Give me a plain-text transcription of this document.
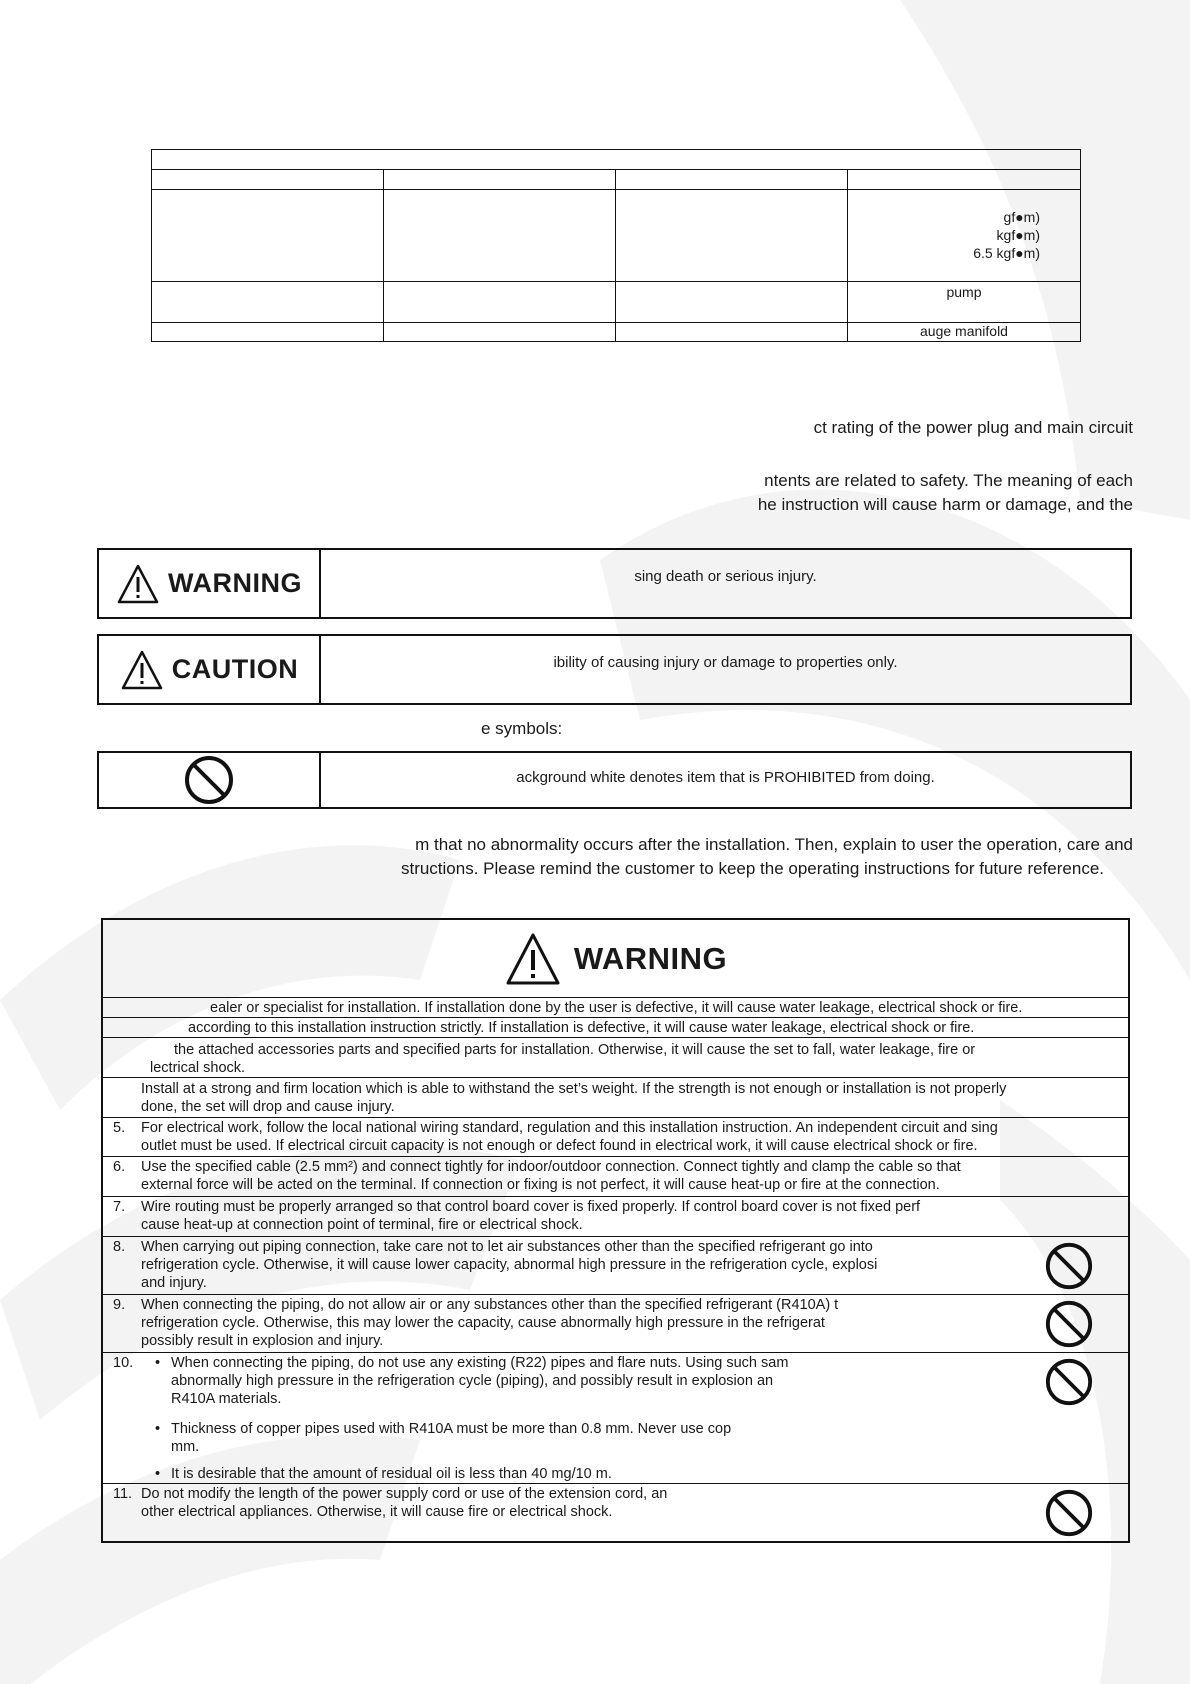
			gf●m)
kgf●m)
6.5 kgf●m)

			pump
			auge manifold
ct rating of the power plug and main circuit
ntents are related to safety. The meaning of each
he instruction will cause harm or damage, and the
WARNING	sing death or serious injury.
CAUTION	ibility of causing injury or damage to properties only.
e symbols:
ackground white denotes item that is PROHIBITED from doing.
m that no abnormality occurs after the installation. Then, explain to user the operation, care and
structions. Please remind the customer to keep the operating instructions for future reference.
WARNING
ealer or specialist for installation. If installation done by the user is defective, it will cause water leakage, electrical shock or fire.
according to this installation instruction strictly. If installation is defective, it will cause water leakage, electrical shock or fire.
the attached accessories parts and specified parts for installation. Otherwise, it will cause the set to fall, water leakage, fire or
lectrical shock.
Install at a strong and firm location which is able to withstand the set’s weight. If the strength is not enough or installation is not properly
done, the set will drop and cause injury.
5. For electrical work, follow the local national wiring standard, regulation and this installation instruction. An independent circuit and sing
outlet must be used. If electrical circuit capacity is not enough or defect found in electrical work, it will cause electrical shock or fire.
6. Use the specified cable (2.5 mm²) and connect tightly for indoor/outdoor connection. Connect tightly and clamp the cable so that
external force will be acted on the terminal. If connection or fixing is not perfect, it will cause heat-up or fire at the connection.
7. Wire routing must be properly arranged so that control board cover is fixed properly. If control board cover is not fixed perf
cause heat-up at connection point of terminal, fire or electrical shock.
8. When carrying out piping connection, take care not to let air substances other than the specified refrigerant go into
refrigeration cycle. Otherwise, it will cause lower capacity, abnormal high pressure in the refrigeration cycle, explosi
and injury.
9. When connecting the piping, do not allow air or any substances other than the specified refrigerant (R410A) t
refrigeration cycle. Otherwise, this may lower the capacity, cause abnormally high pressure in the refrigerat
possibly result in explosion and injury.
10. • When connecting the piping, do not use any existing (R22) pipes and flare nuts. Using such sam
abnormally high pressure in the refrigeration cycle (piping), and possibly result in explosion an
R410A materials.
• Thickness of copper pipes used with R410A must be more than 0.8 mm. Never use cop
mm.
• It is desirable that the amount of residual oil is less than 40 mg/10 m.
11. Do not modify the length of the power supply cord or use of the extension cord, an
other electrical appliances. Otherwise, it will cause fire or electrical shock.
